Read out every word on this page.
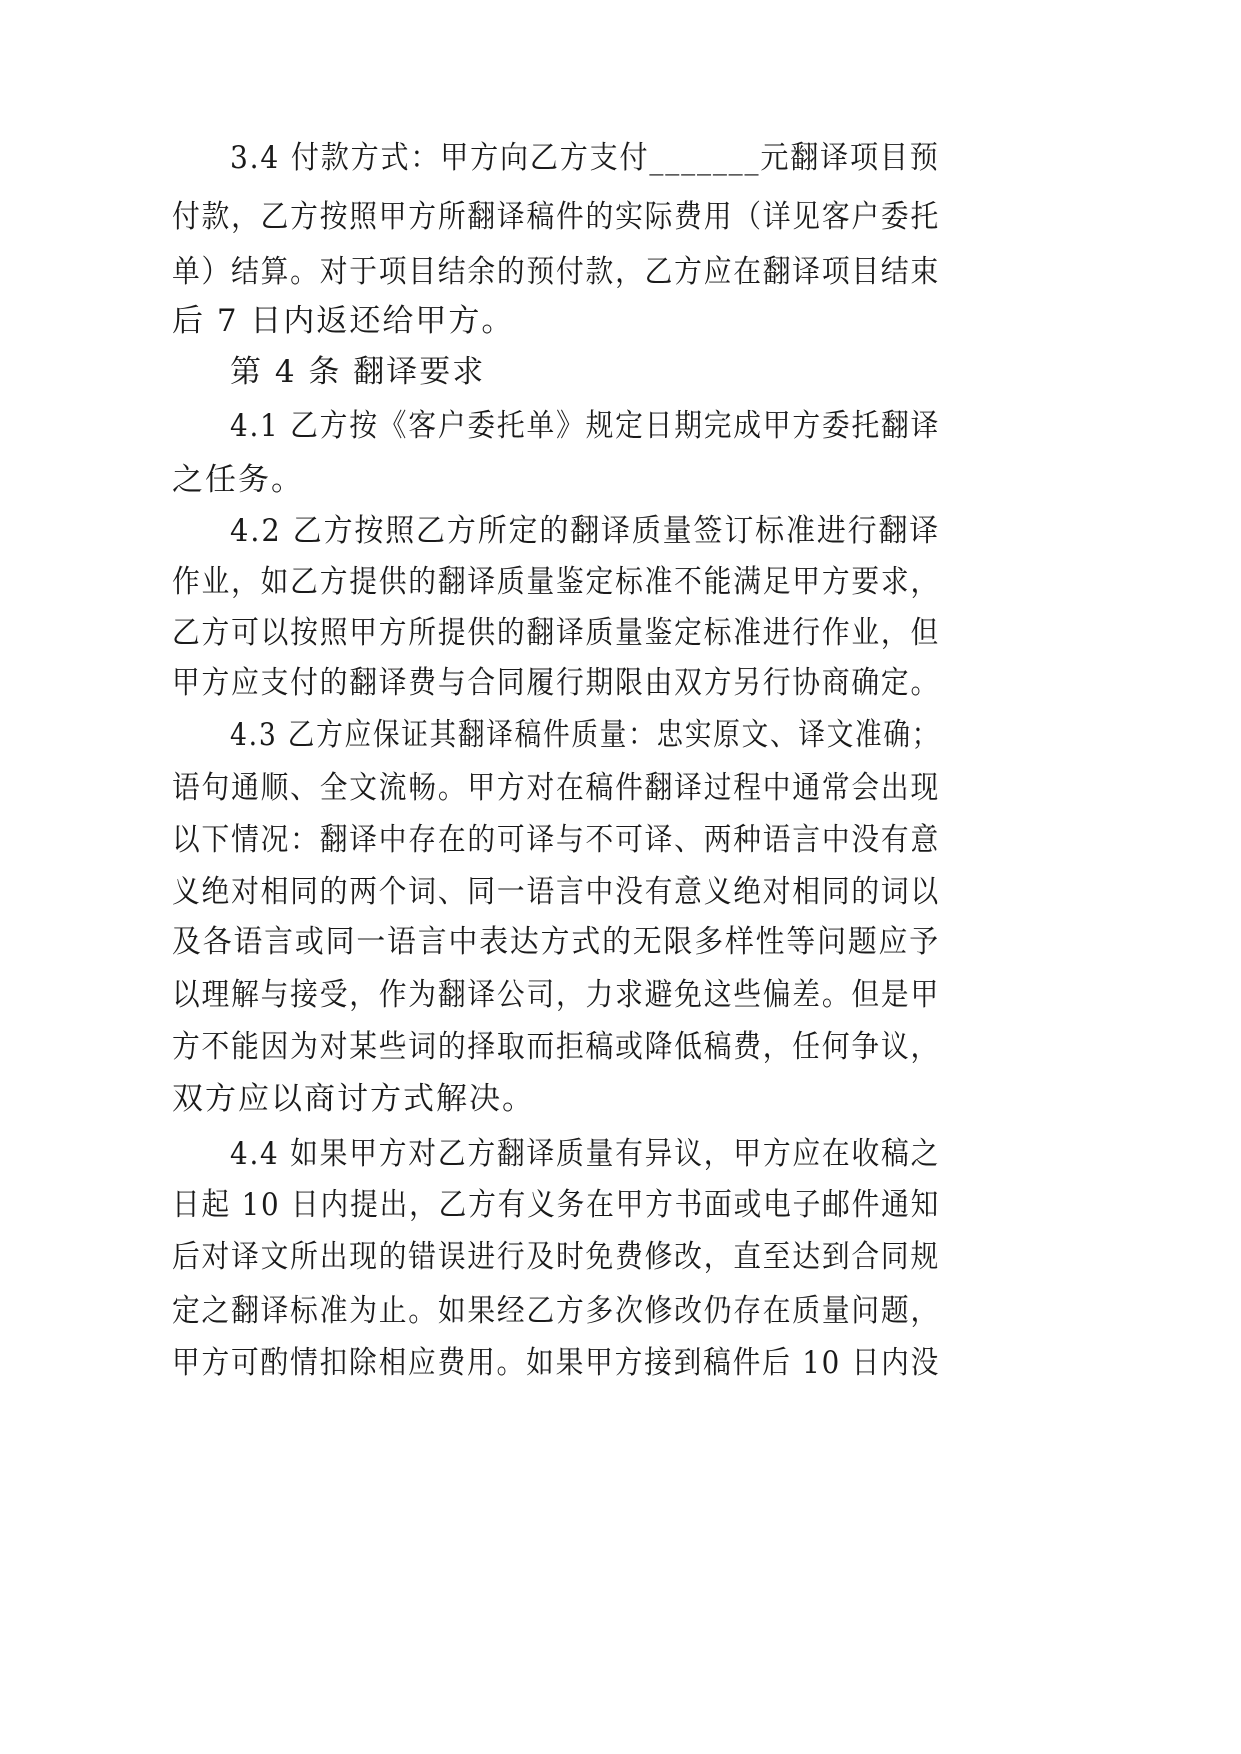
3.4 付款方式：甲方向乙方支付_______元翻译项目预
付款，乙方按照甲方所翻译稿件的实际费用（详见客户委托
单）结算。对于项目结余的预付款，乙方应在翻译项目结束
后 7 日内返还给甲方。
第 4 条 翻译要求
4.1 乙方按《客户委托单》规定日期完成甲方委托翻译
之任务。
4.2 乙方按照乙方所定的翻译质量签订标准进行翻译
作业，如乙方提供的翻译质量鉴定标准不能满足甲方要求，
乙方可以按照甲方所提供的翻译质量鉴定标准进行作业，但
甲方应支付的翻译费与合同履行期限由双方另行协商确定。
4.3 乙方应保证其翻译稿件质量：忠实原文、译文准确；
语句通顺、全文流畅。甲方对在稿件翻译过程中通常会出现
以下情况：翻译中存在的可译与不可译、两种语言中没有意
义绝对相同的两个词、同一语言中没有意义绝对相同的词以
及各语言或同一语言中表达方式的无限多样性等问题应予
以理解与接受，作为翻译公司，力求避免这些偏差。但是甲
方不能因为对某些词的择取而拒稿或降低稿费，任何争议，
双方应以商讨方式解决。
4.4 如果甲方对乙方翻译质量有异议，甲方应在收稿之
日起 10 日内提出，乙方有义务在甲方书面或电子邮件通知
后对译文所出现的错误进行及时免费修改，直至达到合同规
定之翻译标准为止。如果经乙方多次修改仍存在质量问题，
甲方可酌情扣除相应费用。如果甲方接到稿件后 10 日内没
